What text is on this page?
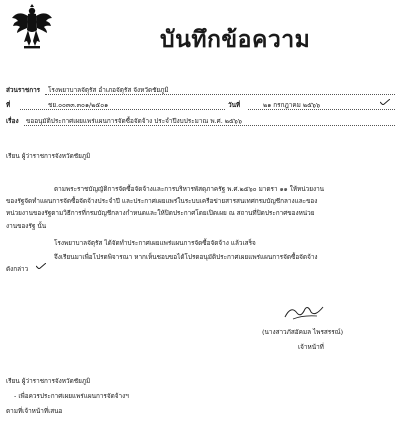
บันทึกข้อความ
ส่วนราชการ โรงพยาบาลจัตุรัส อำเภอจัตุรัส จังหวัดชัยภูมิ
ที่	ชย.๐๐๓๓.๓๐๑/๒๕๐๑	วันที่	๒๑ กรกฎาคม ๒๕๖๖
เรื่อง ขออนุมัติประกาศเผยแพร่แผนการจัดซื้อจัดจ้าง ประจำปีงบประมาณ พ.ศ. ๒๕๖๖
เรียน ผู้ว่าราชการจังหวัดชัยภูมิ
ตามพระราชบัญญัติการจัดซื้อจัดจ้างและการบริหารพัสดุภาครัฐ พ.ศ.๒๕๖๐ มาตรา ๑๑ ให้หน่วยงาน
ของรัฐจัดทำแผนการจัดซื้อจัดจ้างประจำปี และประกาศเผยแพร่ในระบบเครือข่ายสารสนเทศกรมบัญชีกลางและของ
หน่วยงานของรัฐตามวิธีการที่กรมบัญชีกลางกำหนดและให้ปิดประกาศโดยเปิดเผย ณ สถานที่ปิดประกาศของหน่วย
งานของรัฐ นั้น
โรงพยาบาลจัตุรัส ได้จัดทำประกาศเผยแพร่แผนการจัดซื้อจัดจ้าง แล้วเสร็จ
จึงเรียนมาเพื่อโปรดพิจารณา หากเห็นชอบขอได้โปรดอนุมัติประกาศเผยแพร่แผนการจัดซื้อจัดจ้าง
ดังกล่าว
(นางสาวภัสอัคมล ไพรสรรณ์)
เจ้าหน้าที่
เรียน ผู้ว่าราชการจังหวัดชัยภูมิ
- เพื่อควรประกาศเผยแพร่แผนการจัดจ้างฯ
ตามที่เจ้าหน้าที่เสนอ
